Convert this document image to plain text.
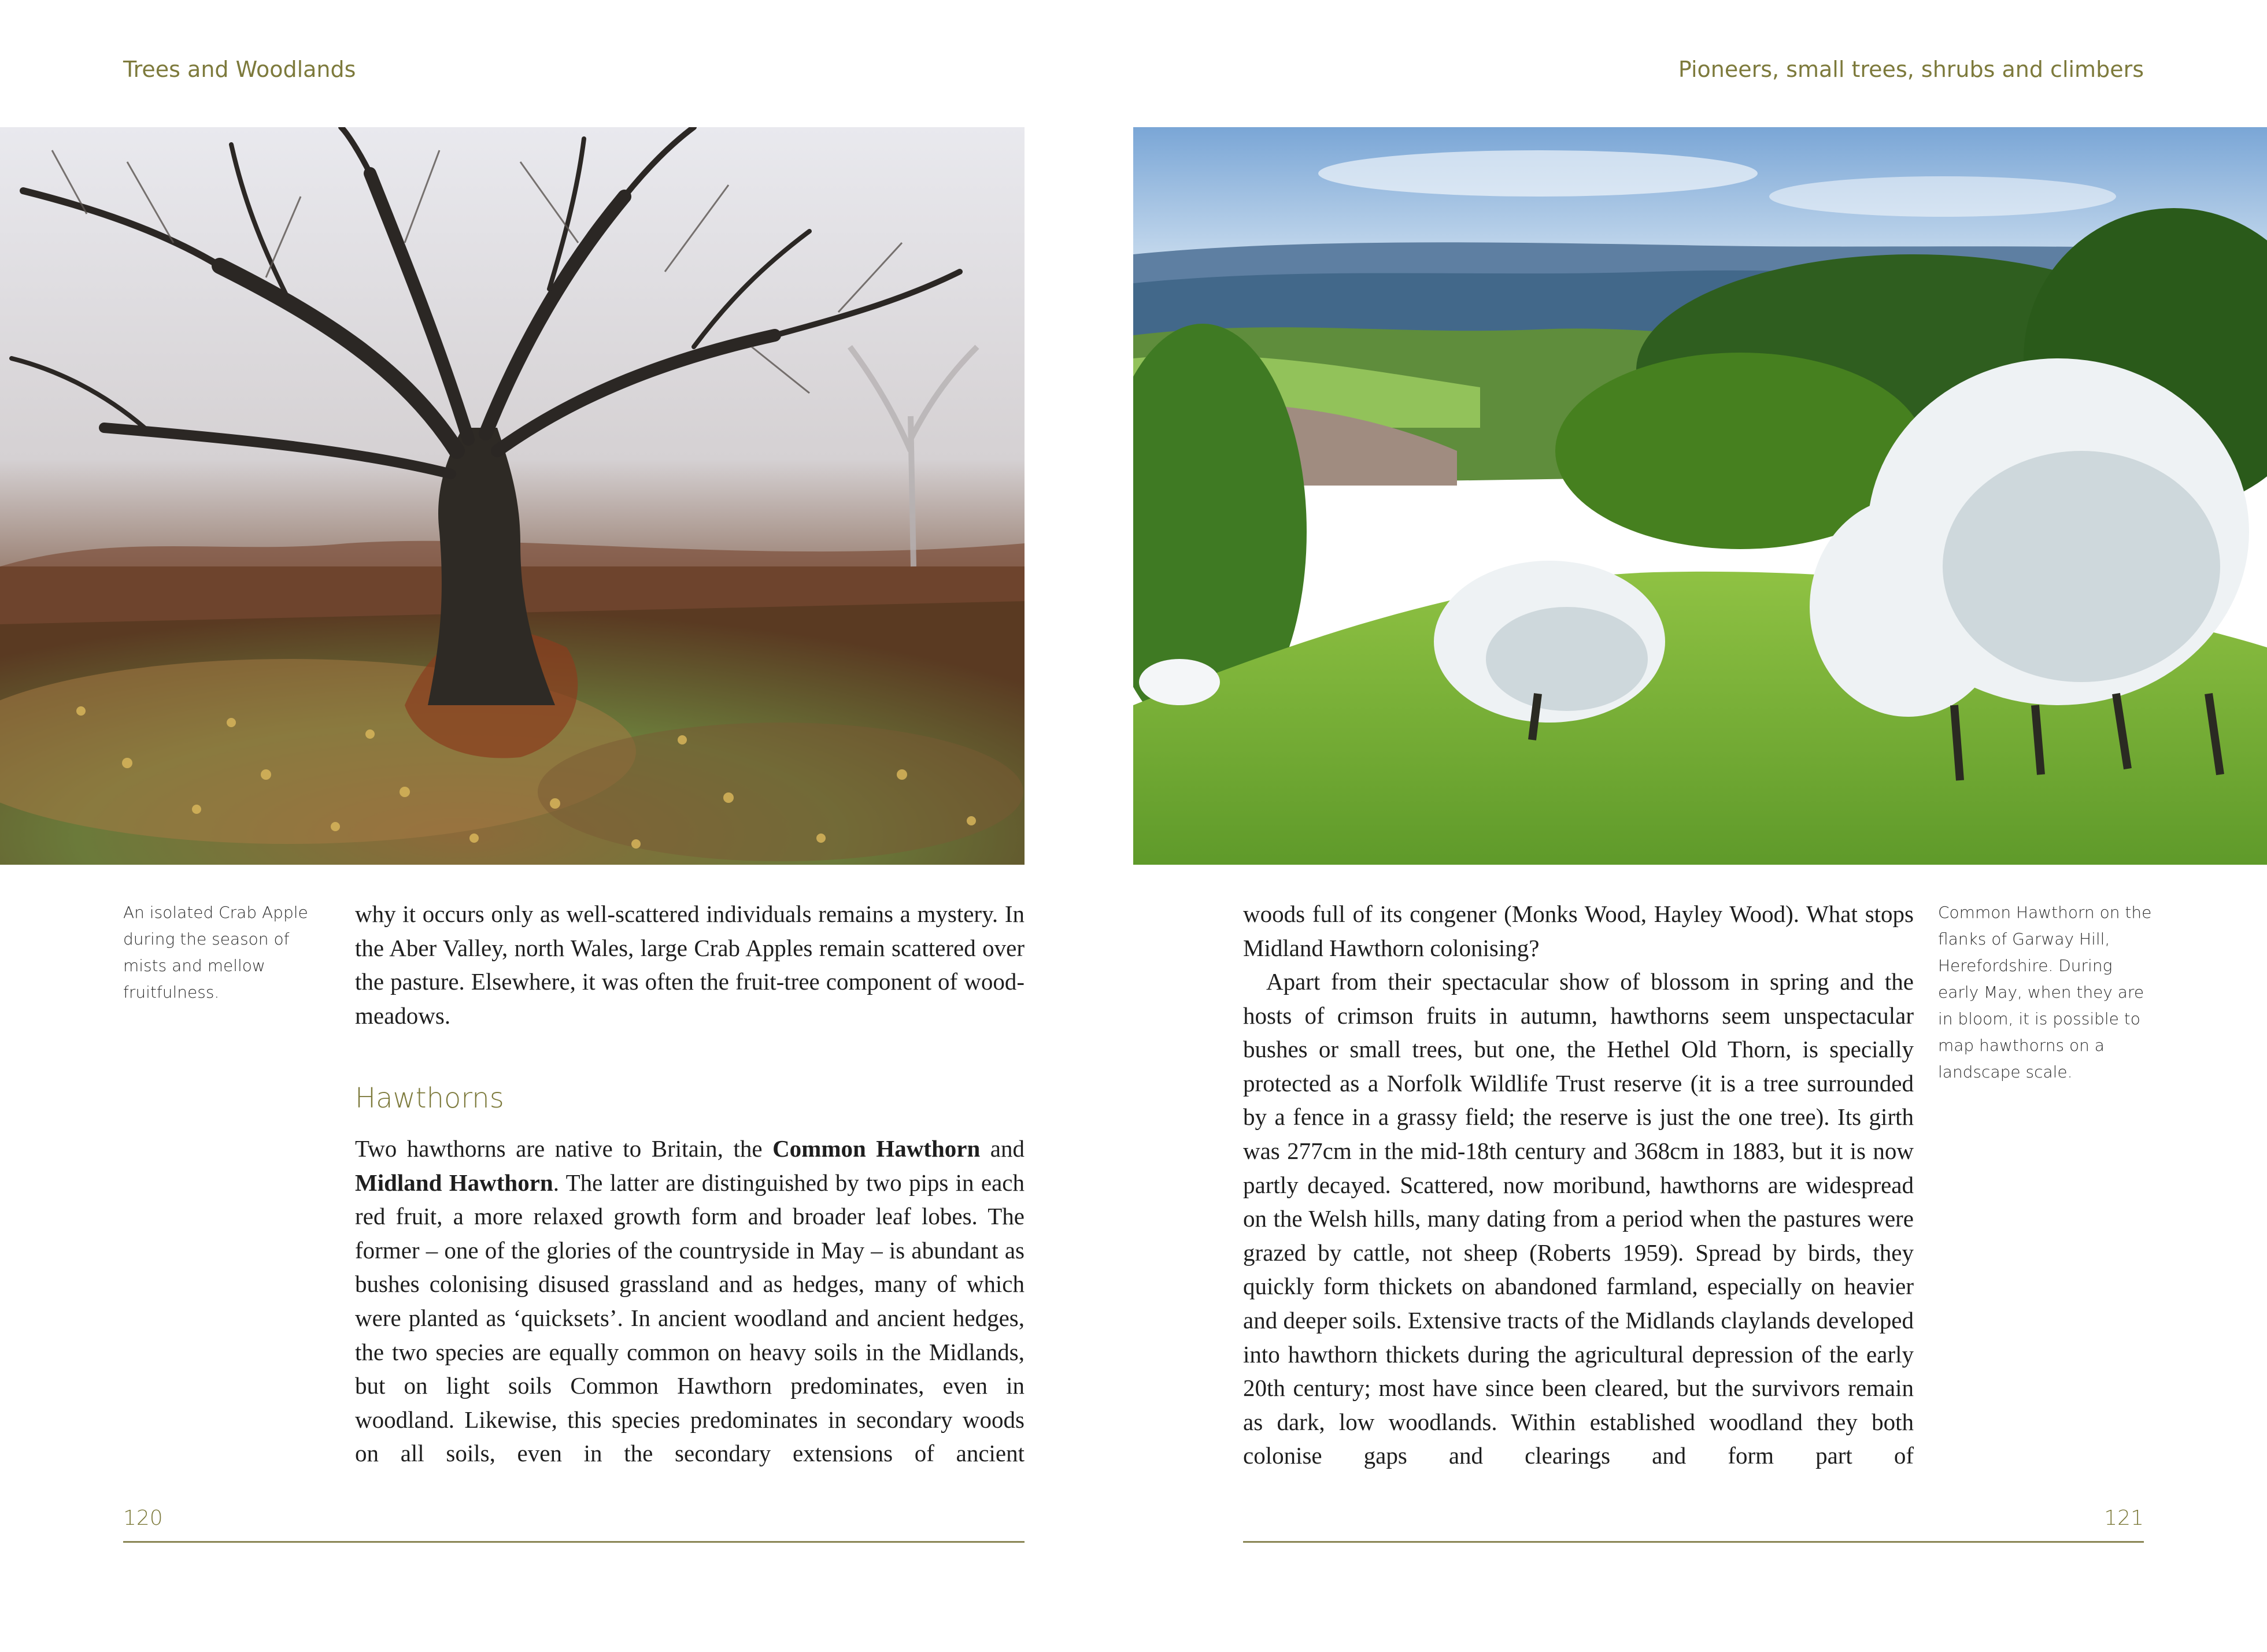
Trees and Woodlands
An isolated Crab Apple during the season of mists and mellow fruitfulness.

why it occurs only as well-scattered individuals remains a mystery. In the Aber Valley, north Wales, large Crab Apples remain scattered over the pasture. Elsewhere, it was often the fruit-tree component of wood-meadows.

Hawthorns

Two hawthorns are native to Britain, the Common Hawthorn and Midland Hawthorn. The latter are distinguished by two pips in each red fruit, a more relaxed growth form and broader leaf lobes. The former – one of the glories of the countryside in May – is abundant as bushes colonising disused grassland and as hedges, many of which were planted as ‘quicksets’. In ancient woodland and ancient hedges, the two species are equally common on heavy soils in the Midlands, but on light soils Common Hawthorn predominates, even in woodland. Likewise, this species predominates in secondary woods on all soils, even in the secondary extensions of ancient

120
Pioneers, small trees, shrubs and climbers
121
Common Hawthorn on the flanks of Garway Hill, Herefordshire. During early May, when they are in bloom, it is possible to map hawthorns on a landscape scale.

woods full of its congener (Monks Wood, Hayley Wood). What stops Midland Hawthorn colonising?

Apart from their spectacular show of blossom in spring and the hosts of crimson fruits in autumn, hawthorns seem unspectacular bushes or small trees, but one, the Hethel Old Thorn, is specially protected as a Norfolk Wildlife Trust reserve (it is a tree surrounded by a fence in a grassy field; the reserve is just the one tree). Its girth was 277cm in the mid-18th century and 368cm in 1883, but it is now partly decayed. Scattered, now moribund, hawthorns are widespread on the Welsh hills, many dating from a period when the pastures were grazed by cattle, not sheep (Roberts 1959). Spread by birds, they quickly form thickets on abandoned farmland, especially on heavier and deeper soils. Extensive tracts of the Midlands claylands developed into hawthorn thickets during the agricultural depression of the early 20th century; most have since been cleared, but the survivors remain as dark, low woodlands. Within established woodland they both colonise gaps and clearings and form part of
